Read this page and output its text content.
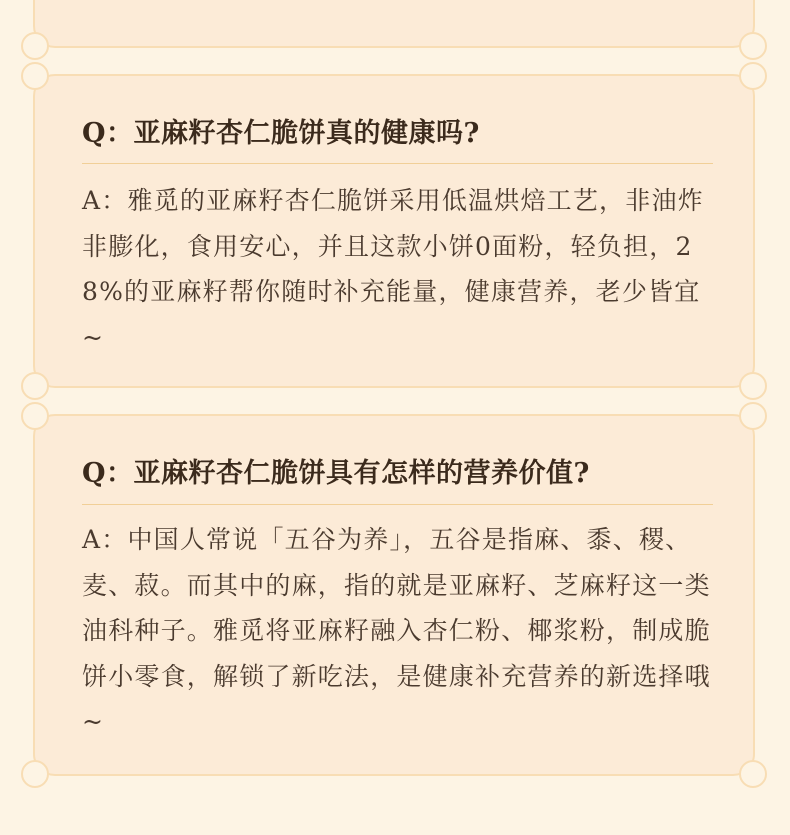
Q：亚麻籽杏仁脆饼真的健康吗?
A：雅觅的亚麻籽杏仁脆饼采用低温烘焙工艺，非油炸非膨化，食用安心，并且这款小饼0面粉，轻负担，28%的亚麻籽帮你随时补充能量，健康营养，老少皆宜~
Q：亚麻籽杏仁脆饼具有怎样的营养价值?
A：中国人常说「五谷为养」，五谷是指麻、黍、稷、麦、菽。而其中的麻，指的就是亚麻籽、芝麻籽这一类油科种子。雅觅将亚麻籽融入杏仁粉、椰浆粉，制成脆饼小零食，解锁了新吃法，是健康补充营养的新选择哦~
